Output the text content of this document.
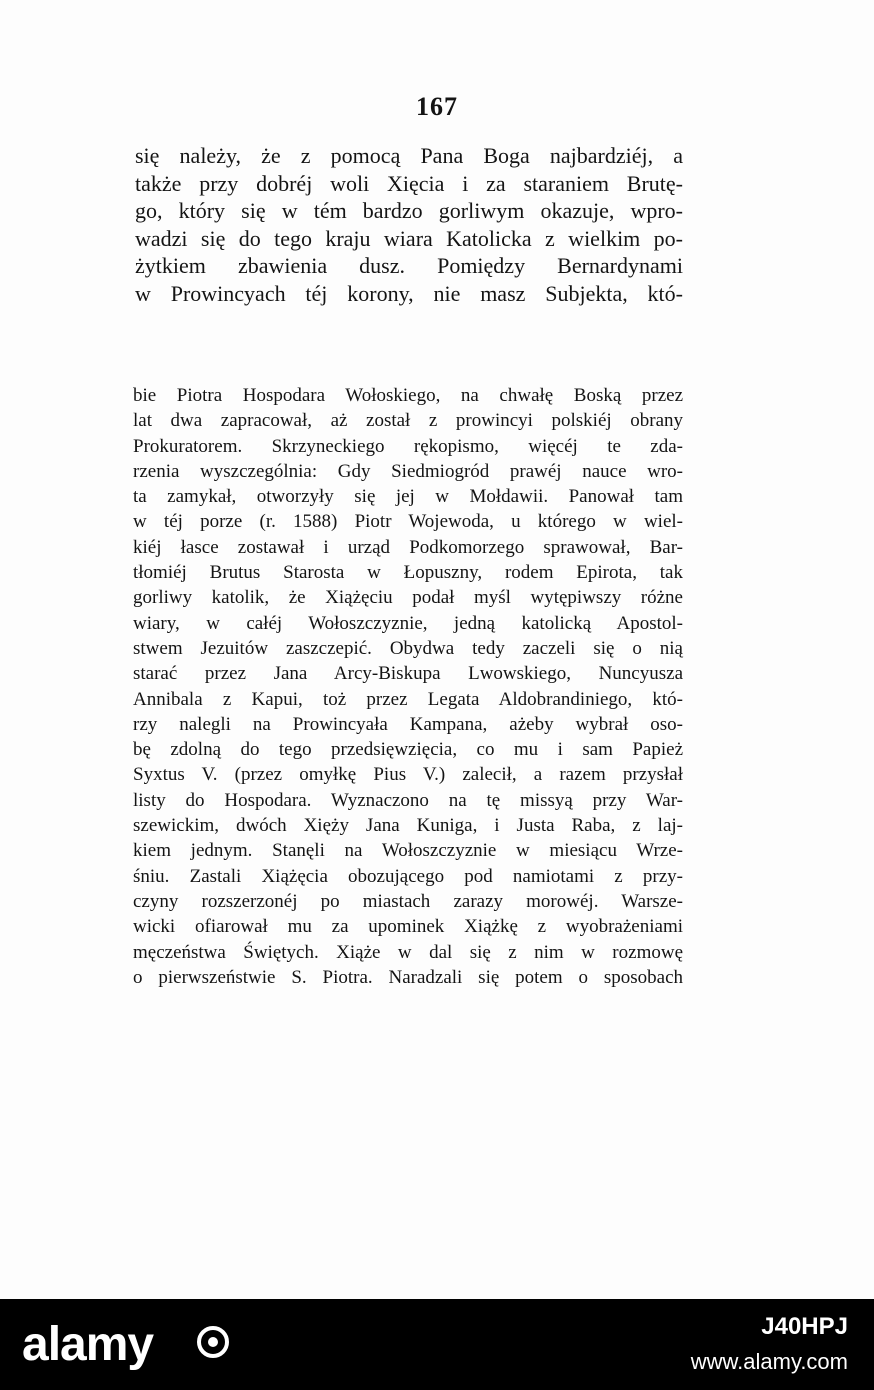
167
się należy, że z pomocą Pana Boga najbardziéj, a
także przy dobréj woli Xięcia i za staraniem Brutę-
go, który się w tém bardzo gorliwym okazuje, wpro-
wadzi się do tego kraju wiara Katolicka z wielkim po-
żytkiem zbawienia dusz. Pomiędzy Bernardynami
w Prowincyach téj korony, nie masz Subjekta, któ-
bie Piotra Hospodara Wołoskiego, na chwałę Boską przez
lat dwa zapracował, aż został z prowincyi polskiéj obrany
Prokuratorem. Skrzyneckiego rękopismo, więcéj te zda-
rzenia wyszczególnia: Gdy Siedmiogród prawéj nauce wro-
ta zamykał, otworzyły się jej w Mołdawii. Panował tam
w téj porze (r. 1588) Piotr Wojewoda, u którego w wiel-
kiéj łasce zostawał i urząd Podkomorzego sprawował, Bar-
tłomiéj Brutus Starosta w Łopuszny, rodem Epirota, tak
gorliwy katolik, że Xiążęciu podał myśl wytępiwszy różne
wiary, w całéj Wołoszczyznie, jedną katolicką Apostol-
stwem Jezuitów zaszczepić. Obydwa tedy zaczeli się o nią
starać przez Jana Arcy-Biskupa Lwowskiego, Nuncyusza
Annibala z Kapui, toż przez Legata Aldobrandiniego, któ-
rzy nalegli na Prowincyała Kampana, ażeby wybrał oso-
bę zdolną do tego przedsięwzięcia, co mu i sam Papież
Syxtus V. (przez omyłkę Pius V.) zalecił, a razem przysłał
listy do Hospodara. Wyznaczono na tę missyą przy War-
szewickim, dwóch Xięży Jana Kuniga, i Justa Raba, z laj-
kiem jednym. Stanęli na Wołoszczyznie w miesiącu Wrze-
śniu. Zastali Xiążęcia obozującego pod namiotami z przy-
czyny rozszerzonéj po miastach zarazy morowéj. Warsze-
wicki ofiarował mu za upominek Xiążkę z wyobrażeniami
męczeństwa Świętych. Xiąże w dal się z nim w rozmowę
o pierwszeństwie S. Piotra. Naradzali się potem o sposobach
alamy	J40HPJ
www.alamy.com
